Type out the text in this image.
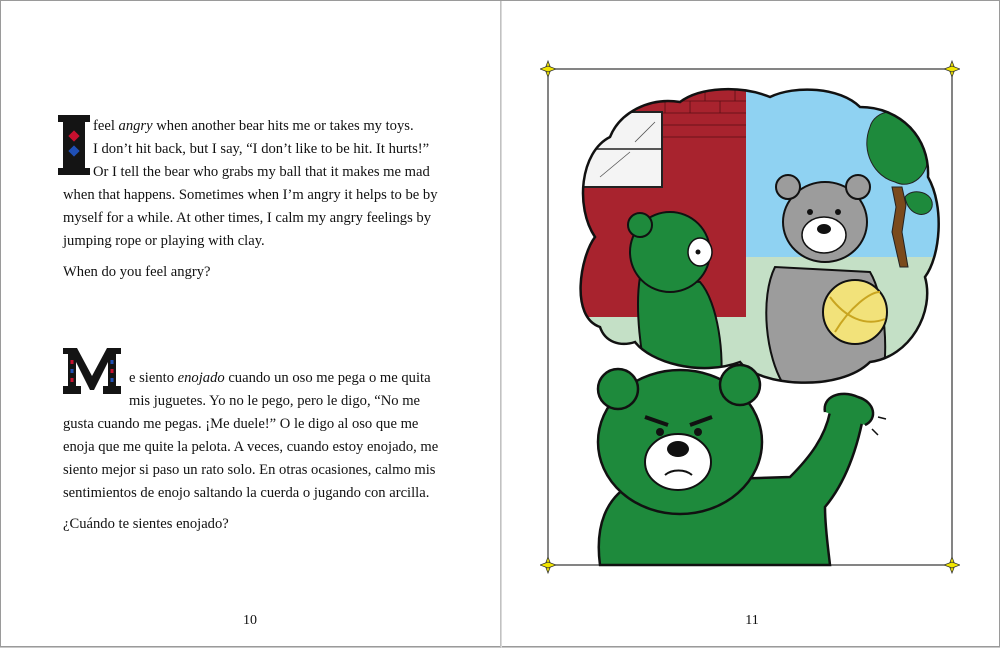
feel angry when another bear hits me or takes my toys.
I don’t hit back, but I say, “I don’t like to be hit. It hurts!”
Or I tell the bear who grabs my ball that it makes me mad when that happens. Sometimes when I’m angry it helps to be by myself for a while. At other times, I calm my angry feelings by jumping rope or playing with clay.

When do you feel angry?

e siento enojado cuando un oso me pega o me quita
mis juguetes. Yo no le pego, pero le digo, “No me
gusta cuando me pegas. ¡Me duele!” O le digo al oso que me enoja que me quite la pelota. A veces, cuando estoy enojado, me siento mejor si paso un rato solo. En otras ocasiones, calmo mis sentimientos de enojo saltando la cuerda o jugando con arcilla.

¿Cuándo te sientes enojado?

10	11
